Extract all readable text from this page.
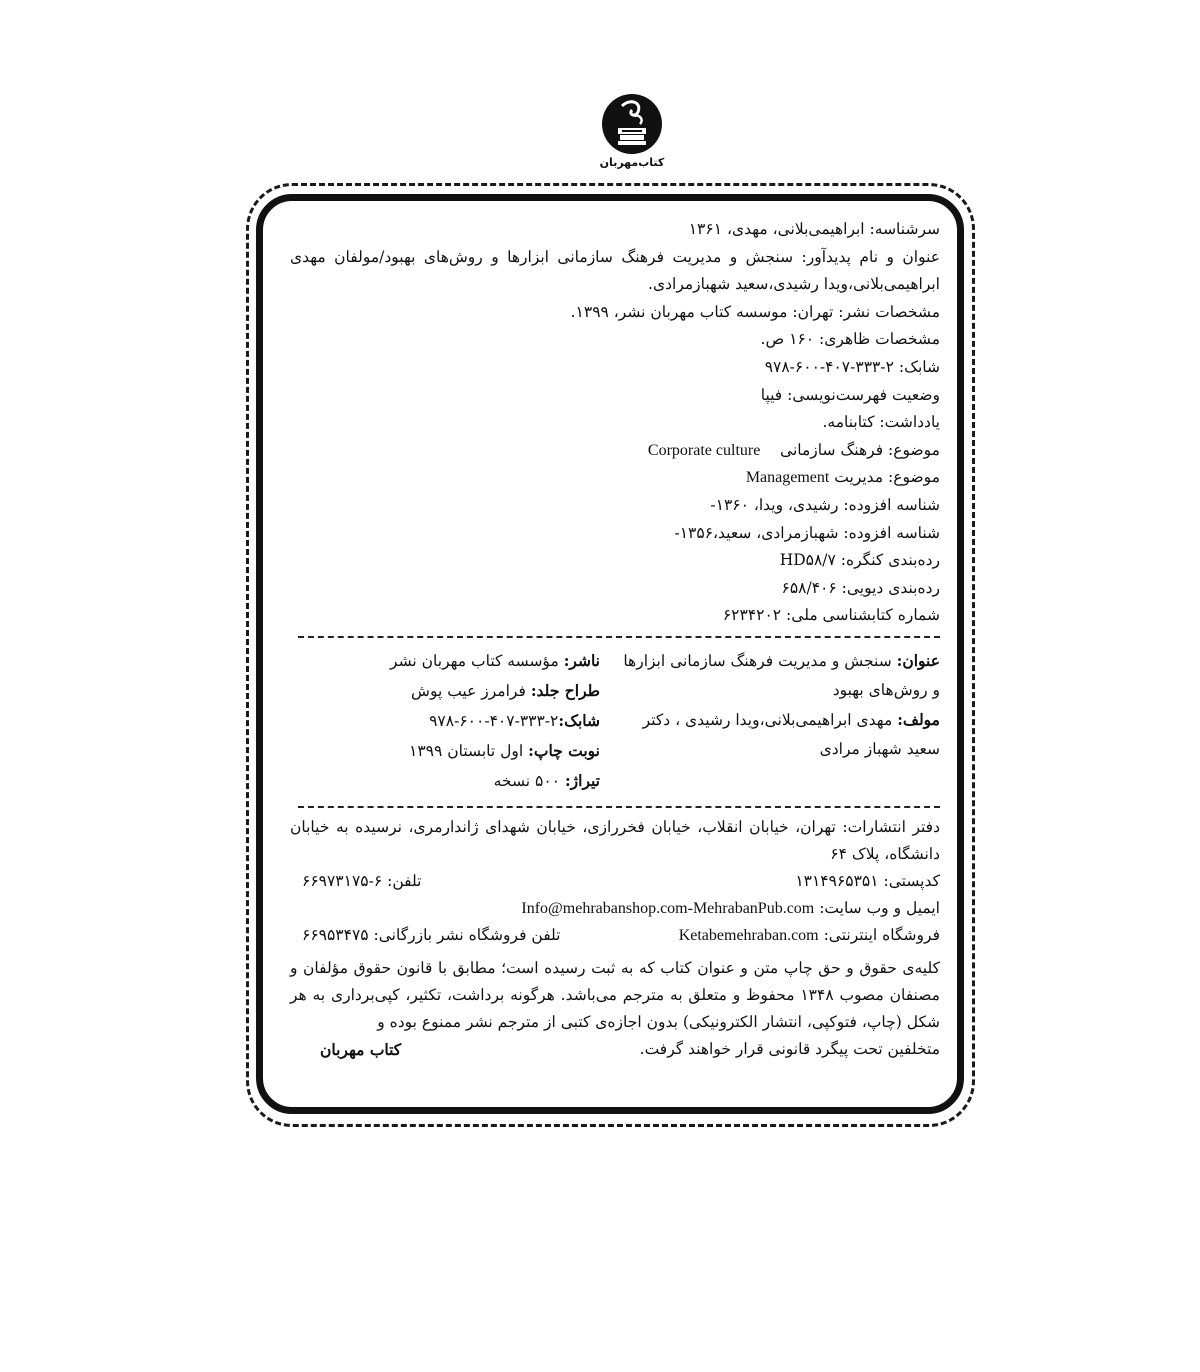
کتاب‌مهربان
سرشناسه: ابراهیمی‌بلانی، مهدی، ۱۳۶۱
عنوان و نام پدیدآور: سنجش و مدیریت فرهنگ سازمانی ابزارها و روش‌های بهبود/مولفان مهدی ابراهیمی‌بلانی،ویدا رشیدی،سعید شهبازمرادی.
مشخصات نشر: تهران: موسسه کتاب مهربان نشر، ۱۳۹۹.
مشخصات ظاهری: ۱۶۰ ص.
شابک: ۲-۳۳۳-۴۰۷-۶۰۰-۹۷۸
وضعیت فهرست‌نویسی: فیپا
یادداشت: کتابنامه.
موضوع: فرهنگ سازمانی    Corporate culture
موضوع: مدیریت Management
شناسه افزوده: رشیدی، ویدا، ۱۳۶۰-
شناسه افزوده: شهبازمرادی، سعید،۱۳۵۶-
رده‌بندی کنگره: HD۵۸/۷
رده‌بندی دیویی: ۶۵۸/۴۰۶
شماره کتابشناسی ملی: ۶۲۳۴۲۰۲
عنوان: سنجش و مدیریت فرهنگ سازمانی ابزارها
و روش‌های بهبود
مولف: مهدی ابراهیمی‌بلانی،ویدا رشیدی ، دکتر
سعید شهباز مرادی
ناشر: مؤسسه کتاب مهربان نشر
طراح جلد: فرامرز عیب پوش
شابک:۲-۳۳۳-۴۰۷-۶۰۰-۹۷۸
نوبت چاپ: اول تابستان ۱۳۹۹
تیراژ: ۵۰۰ نسخه
دفتر انتشارات: تهران، خیابان انقلاب، خیابان فخررازی، خیابان شهدای ژاندارمری، نرسیده به خیابان دانشگاه، پلاک ۶۴
کدپستی: ۱۳۱۴۹۶۵۳۵۱
تلفن: ۶-۶۶۹۷۳۱۷۵
ایمیل و وب سایت: Info@mehrabanshop.com-MehrabanPub.com
فروشگاه اینترنتی: Ketabemehraban.com
تلفن فروشگاه نشر بازرگانی: ۶۶۹۵۳۴۷۵
کلیه‌ی حقوق و حق چاپ متن و عنوان کتاب که به ثبت رسیده است؛ مطابق با قانون حقوق مؤلفان و مصنفان مصوب ۱۳۴۸ محفوظ و متعلق به مترجم می‌باشد. هرگونه برداشت، تکثیر، کپی‌برداری به هر شکل (چاپ، فتوکپی، انتشار الکترونیکی) بدون اجازه‌ی کتبی از مترجم نشر ممنوع بوده و
متخلفین تحت پیگرد قانونی قرار خواهند گرفت.
کتاب مهربان
